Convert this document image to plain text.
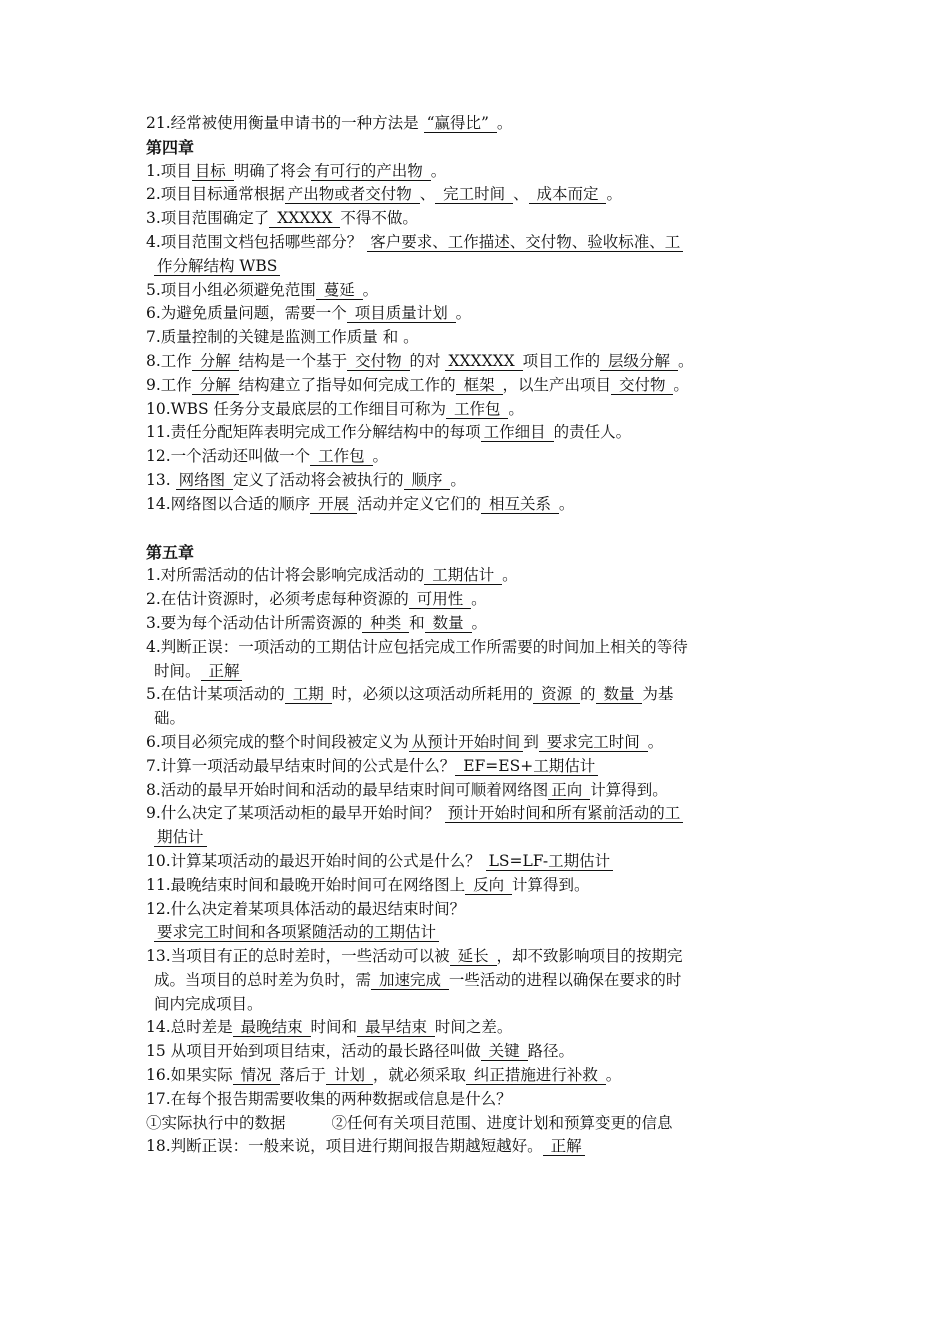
21.经常被使用衡量申请书的一种方法是 “赢得比” 。
第四章
1.项目 目标 明确了将会 有可行的产出物 。
2.项目目标通常根据 产出物或者交付物 、 完工时间 、 成本而定 。
3.项目范围确定了 XXXXX 不得不做。
4.项目范围文档包括哪些部分？ 客户要求、工作描述、交付物、验收标准、工
作分解结构 WBS
5.项目小组必须避免范围 蔓延 。
6.为避免质量问题，需要一个 项目质量计划 。
7.质量控制的关键是监测工作质量 和 。
8.工作 分解 结构是一个基于 交付物 的对 XXXXXX 项目工作的 层级分解 。
9.工作 分解 结构建立了指导如何完成工作的 框架 ，以生产出项目 交付物 。
10.WBS 任务分支最底层的工作细目可称为 工作包 。
11.责任分配矩阵表明完成工作分解结构中的每项 工作细目 的责任人。
12.一个活动还叫做一个 工作包 。
13. 网络图 定义了活动将会被执行的 顺序 。
14.网络图以合适的顺序 开展 活动并定义它们的 相互关系 。
第五章
1.对所需活动的估计将会影响完成活动的 工期估计 。
2.在估计资源时，必须考虑每种资源的 可用性 。
3.要为每个活动估计所需资源的 种类 和 数量 。
4.判断正误：一项活动的工期估计应包括完成工作所需要的时间加上相关的等待
时间。 正解
5.在估计某项活动的 工期 时，必须以这项活动所耗用的 资源 的 数量 为基
础。
6.项目必须完成的整个时间段被定义为 从预计开始时间 到 要求完工时间 。
7.计算一项活动最早结束时间的公式是什么？ EF=ES+工期估计
8.活动的最早开始时间和活动的最早结束时间可顺着网络图 正向 计算得到。
9.什么决定了某项活动柜的最早开始时间？ 预计开始时间和所有紧前活动的工
期估计
10.计算某项活动的最迟开始时间的公式是什么？ LS=LF-工期估计
11.最晚结束时间和最晚开始时间可在网络图上 反向 计算得到。
12.什么决定着某项具体活动的最迟结束时间？
要求完工时间和各项紧随活动的工期估计
13.当项目有正的总时差时，一些活动可以被 延长 ，却不致影响项目的按期完
成。当项目的总时差为负时，需 加速完成 一些活动的进程以确保在要求的时
间内完成项目。
14.总时差是 最晚结束 时间和 最早结束 时间之差。
15 从项目开始到项目结束，活动的最长路径叫做 关键 路径。
16.如果实际 情况 落后于 计划 ，就必须采取 纠正措施进行补救 。
17.在每个报告期需要收集的两种数据或信息是什么？
①实际执行中的数据	②任何有关项目范围、进度计划和预算变更的信息
18.判断正误：一般来说，项目进行期间报告期越短越好。 正解
